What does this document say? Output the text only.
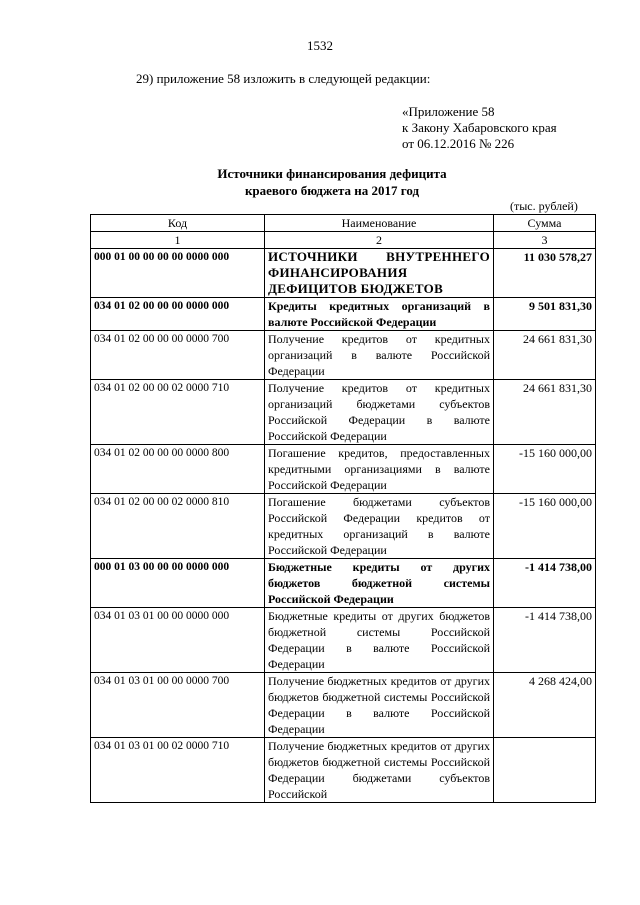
1532
29) приложение 58 изложить в следующей редакции:
«Приложение 58
к Закону Хабаровского края
от 06.12.2016 № 226
Источники финансирования дефицита
краевого бюджета на 2017 год
(тыс. рублей)
Код	Наименование	Сумма
1	2	3
000 01 00 00 00 00 0000 000	ИСТОЧНИКИ ВНУТРЕННЕГО ФИНАНСИРОВАНИЯ ДЕФИЦИТОВ БЮДЖЕТОВ	11 030 578,27
034 01 02 00 00 00 0000 000	Кредиты кредитных организаций в валюте Российской Федерации	9 501 831,30
034 01 02 00 00 00 0000 700	Получение кредитов от кредитных организаций в валюте Российской Федерации	24 661 831,30
034 01 02 00 00 02 0000 710	Получение кредитов от кредитных организаций бюджетами субъектов Российской Федерации в валюте Российской Федерации	24 661 831,30
034 01 02 00 00 00 0000 800	Погашение кредитов, предоставленных кредитными организациями в валюте Российской Федерации	-15 160 000,00
034 01 02 00 00 02 0000 810	Погашение бюджетами субъектов Российской Федерации кредитов от кредитных организаций в валюте Российской Федерации	-15 160 000,00
000 01 03 00 00 00 0000 000	Бюджетные кредиты от других бюджетов бюджетной системы Российской Федерации	-1 414 738,00
034 01 03 01 00 00 0000 000	Бюджетные кредиты от других бюджетов бюджетной системы Российской Федерации в валюте Российской Федерации	-1 414 738,00
034 01 03 01 00 00 0000 700	Получение бюджетных кредитов от других бюджетов бюджетной системы Российской Федерации в валюте Российской Федерации	4 268 424,00
034 01 03 01 00 02 0000 710	Получение бюджетных кредитов от других бюджетов бюджетной системы Российской Федерации бюджетами субъектов Российской	
